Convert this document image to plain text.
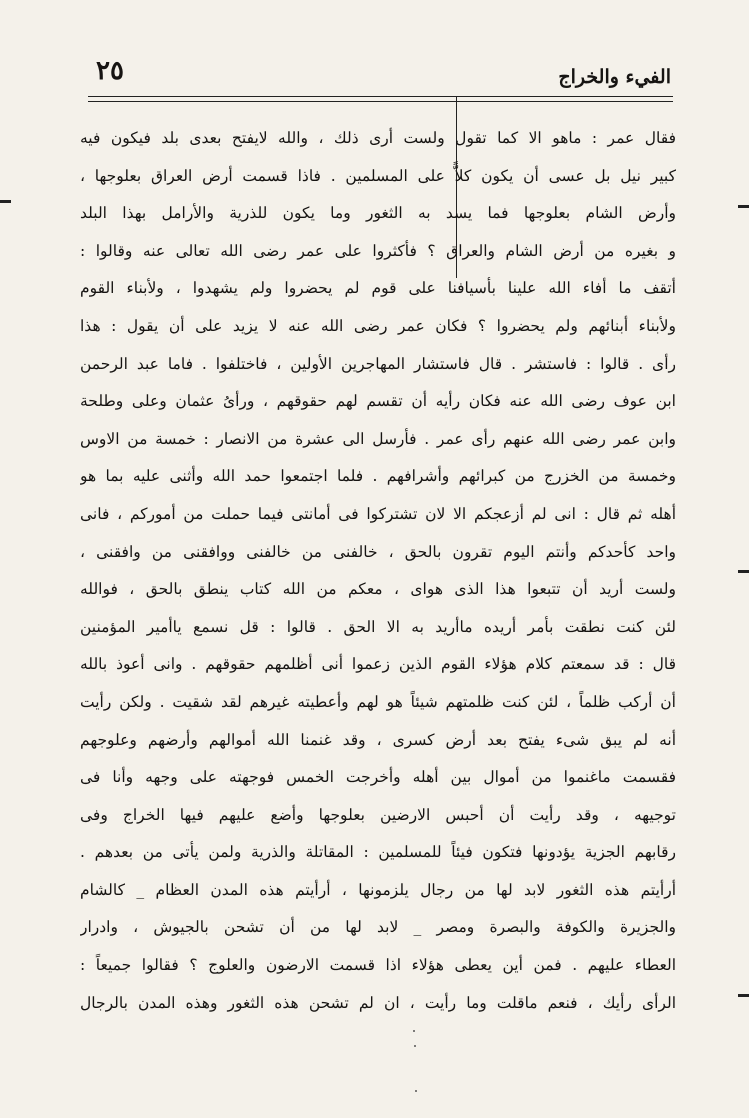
الفيء والخراج
٢٥
فقال عمر : ماهو الا كما تقول ولست أرى ذلك ، والله لايفتح بعدى بلد فيكون فيه
كبير نيل بل عسى أن يكون كلاًّ على المسلمين . فاذا قسمت أرض العراق بعلوجها ،
وأرض الشام بعلوجها فما يسد به الثغور وما يكون للذرية والأرامل بهذا البلد
و بغيره من أرض الشام والعراق ؟ فأكثروا على عمر رضى الله تعالى عنه وقالوا :
أتقف ما أفاء الله علينا بأسيافنا على قوم لم يحضروا ولم يشهدوا ، ولأبناء القوم
ولأبناء أبنائهم ولم يحضروا ؟ فكان عمر رضى الله عنه لا يزيد على أن يقول : هذا
رأى . قالوا : فاستشر . قال فاستشار المهاجرين الأولين ، فاختلفوا . فاما عبد الرحمن
ابن عوف رضى الله عنه فكان رأيه أن تقسم لهم حقوقهم ، ورأىُ عثمان وعلى وطلحة
وابن عمر رضى الله عنهم رأى عمر . فأرسل الى عشرة من الانصار : خمسة من الاوس
وخمسة من الخزرج من كبرائهم وأشرافهم . فلما اجتمعوا حمد الله وأثنى عليه بما هو
أهله ثم قال : انى لم أزعجكم الا لان تشتركوا فى أمانتى فيما حملت من أموركم ، فانى
واحد كأحدكم وأنتم اليوم تقرون بالحق ، خالفنى من خالفنى ووافقنى من وافقنى ،
ولست أريد أن تتبعوا هذا الذى هواى ، معكم من الله كتاب ينطق بالحق ، فوالله
لئن كنت نطقت بأمر أريده ماأريد به الا الحق . قالوا : قل نسمع ياأمير المؤمنين
قال : قد سمعتم كلام هؤلاء القوم الذين زعموا أنى أظلمهم حقوقهم . وانى أعوذ بالله
أن أركب ظلماً ، لئن كنت ظلمتهم شيئاً هو لهم وأعطيته غيرهم لقد شقيت . ولكن رأيت
أنه لم يبق شىء يفتح بعد أرض كسرى ، وقد غنمنا الله أموالهم وأرضهم وعلوجهم
فقسمت ماغنموا من أموال بين أهله وأخرجت الخمس فوجهته على وجهه وأنا فى
توجيهه ، وقد رأيت أن أحبس الارضين بعلوجها وأضع عليهم فيها الخراج وفى
رقابهم الجزية يؤدونها فتكون فيئاً للمسلمين : المقاتلة والذرية ولمن يأتى من بعدهم .
أرأيتم هذه الثغور لابد لها من رجال يلزمونها ، أرأيتم هذه المدن العظام _ كالشام
والجزيرة والكوفة والبصرة ومصر _ لابد لها من أن تشحن بالجيوش ، وادرار
العطاء عليهم . فمن أين يعطى هؤلاء اذا قسمت الارضون والعلوج ؟ فقالوا جميعاً :
الرأى رأيك ، فنعم ماقلت وما رأيت ، ان لم تشحن هذه الثغور وهذه المدن بالرجال
